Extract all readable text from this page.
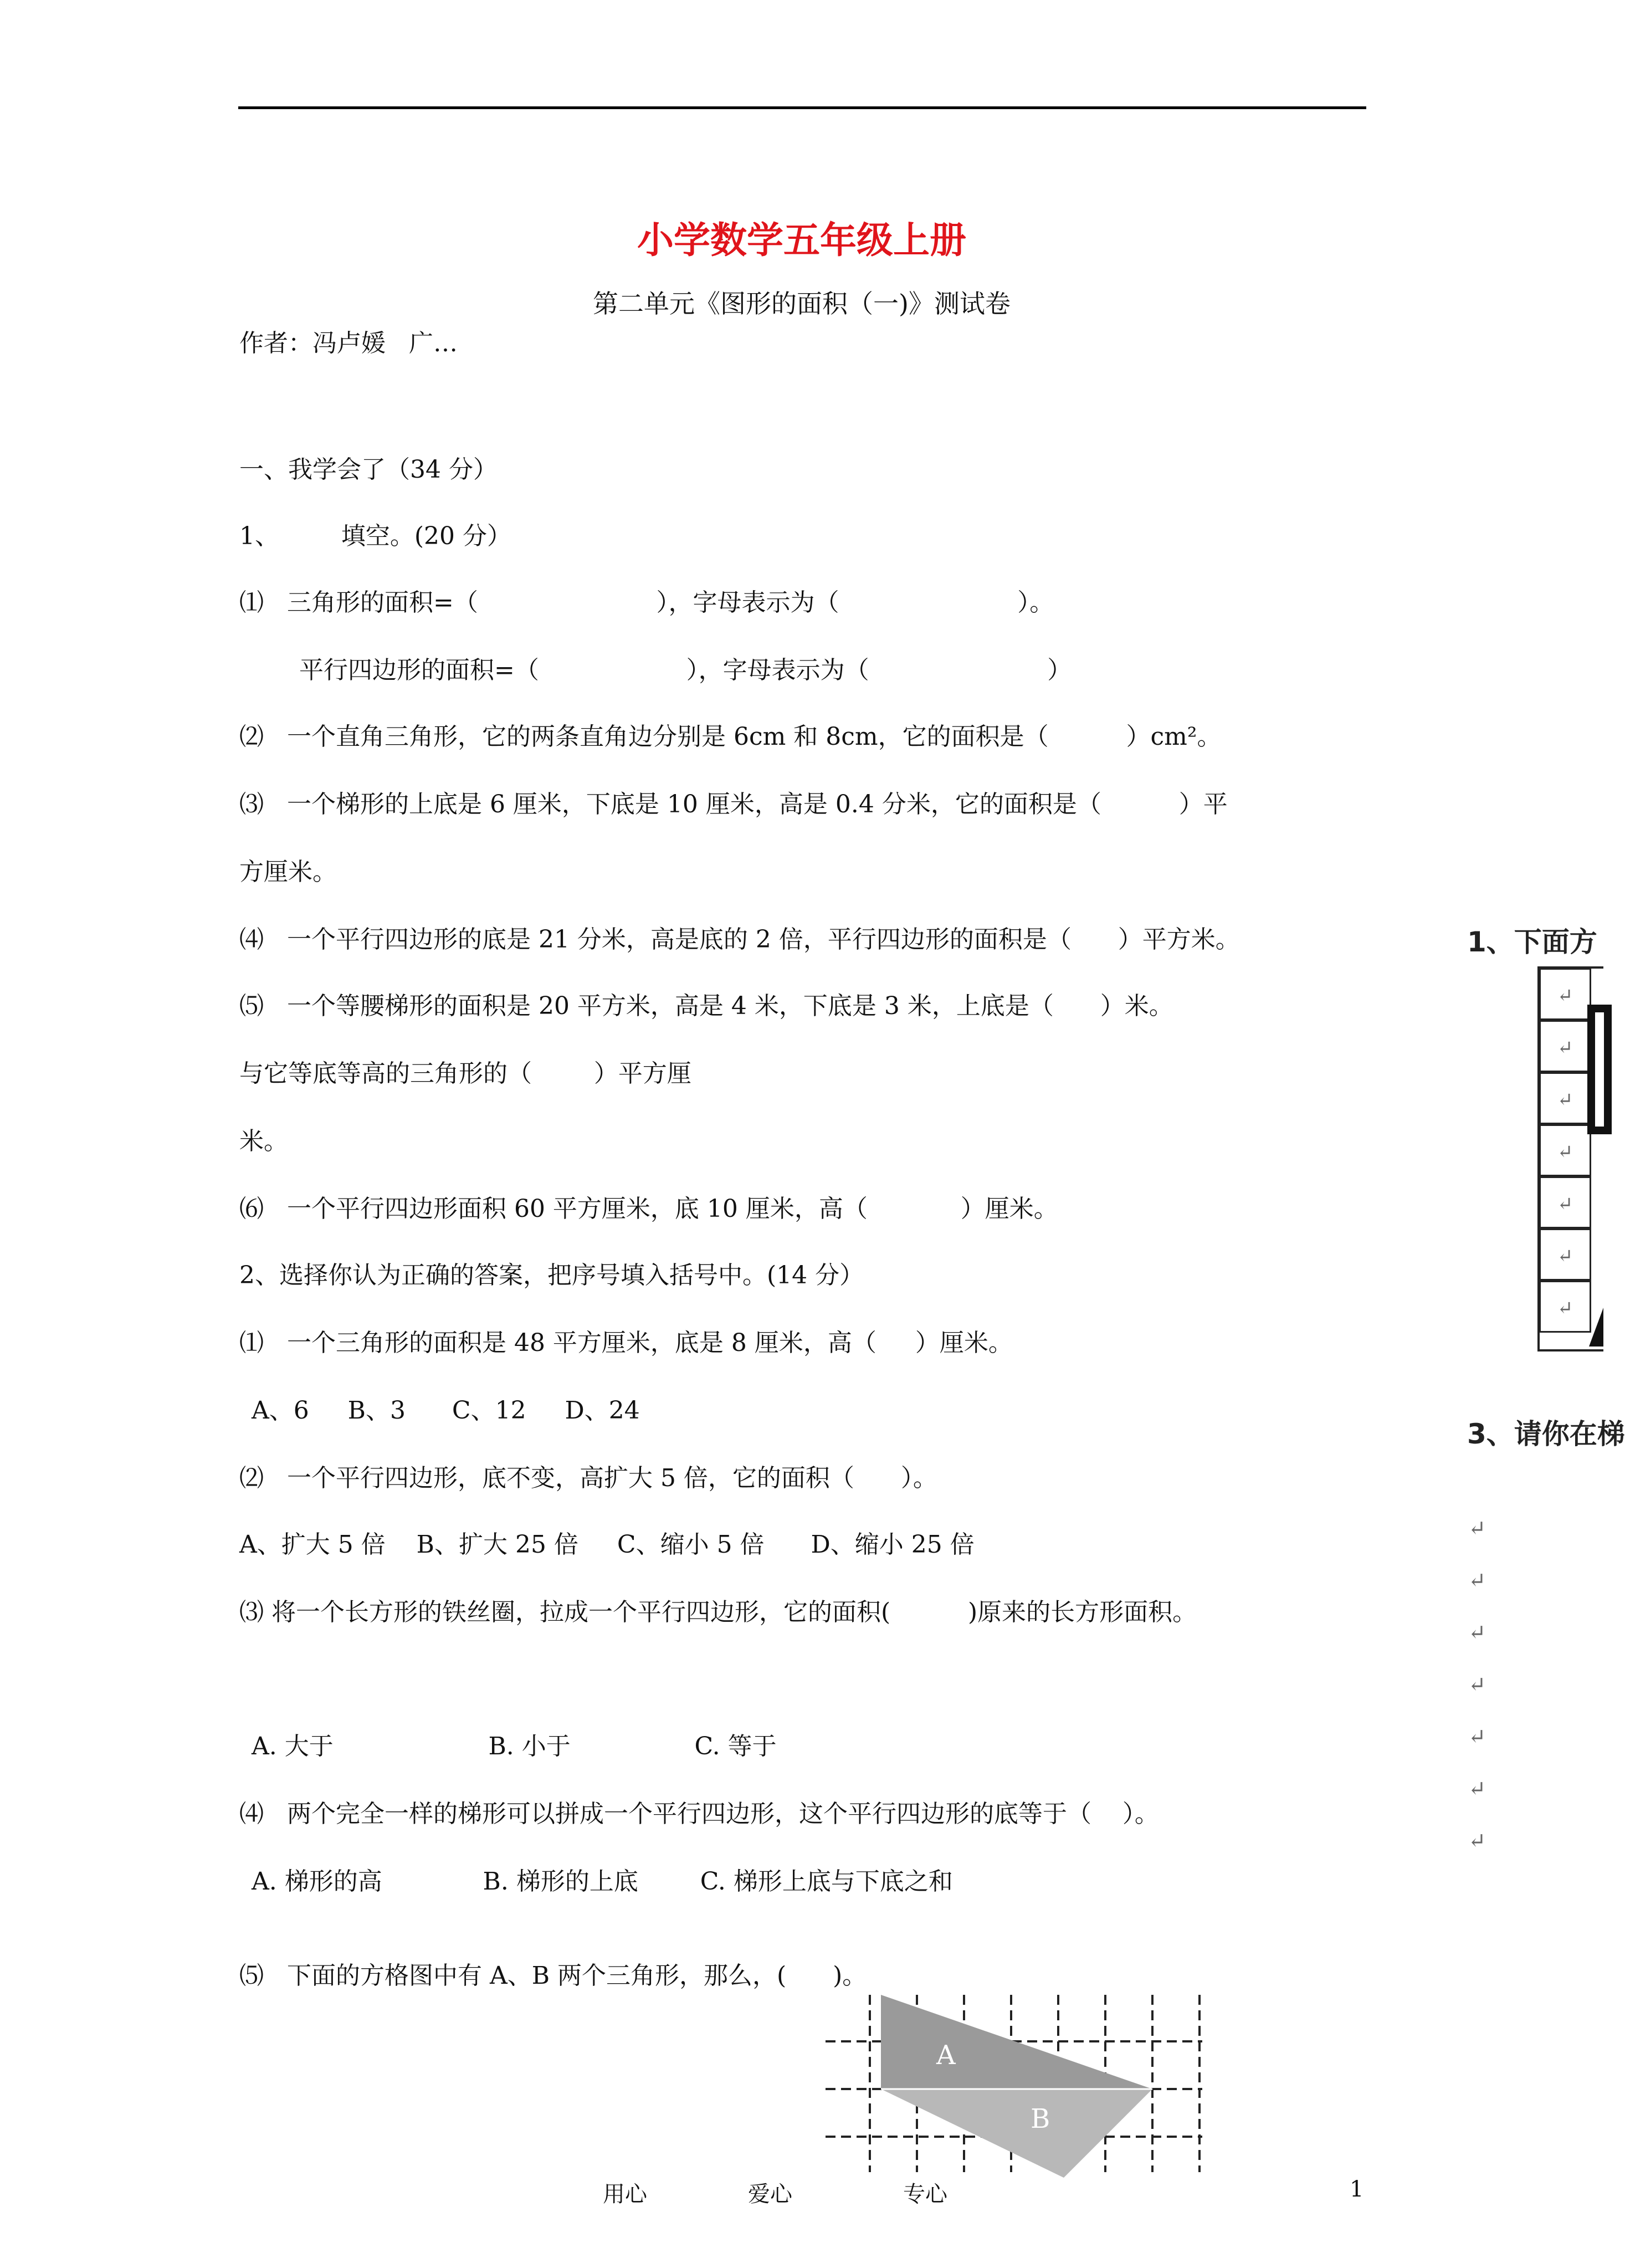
小学数学五年级上册
第二单元《图形的面积（一)》测试卷
作者：冯卢媛   广…
一、我学会了（34 分）
1、        填空。(20 分）
⑴   三角形的面积=（                       ），字母表示为（                       ）。
平行四边形的面积=（                   ），字母表示为（                       ）
⑵   一个直角三角形，它的两条直角边分别是 6cm 和 8cm，它的面积是（          ）cm²。
⑶   一个梯形的上底是 6 厘米，下底是 10 厘米，高是 0.4 分米，它的面积是（          ）平
方厘米。
⑷   一个平行四边形的底是 21 分米，高是底的 2 倍，平行四边形的面积是（      ）平方米。
⑸   一个等腰梯形的面积是 20 平方米，高是 4 米，下底是 3 米，上底是（      ）米。
与它等底等高的三角形的（        ）平方厘
米。
⑹   一个平行四边形面积 60 平方厘米，底 10 厘米，高（            ）厘米。
2、选择你认为正确的答案，把序号填入括号中。(14 分）
⑴   一个三角形的面积是 48 平方厘米，底是 8 厘米，高（     ）厘米。
A、6     B、3      C、12     D、24
⑵   一个平行四边形，底不变，高扩大 5 倍，它的面积（      ）。
A、扩大 5 倍    B、扩大 25 倍     C、缩小 5 倍      D、缩小 25 倍
⑶ 将一个长方形的铁丝圈，拉成一个平行四边形，它的面积(          )原来的长方形面积。
A. 大于                    B. 小于                C. 等于
⑷   两个完全一样的梯形可以拼成一个平行四边形，这个平行四边形的底等于（    ）。
A. 梯形的高             B. 梯形的上底        C. 梯形上底与下底之和
⑸   下面的方格图中有 A、B 两个三角形，那么，(      )。
A
B
1、下面方
↵
↵
↵
↵
↵
↵
↵
3、请你在梯
↵
↵
↵
↵
↵
↵
↵
用心	爱心	专心	1
